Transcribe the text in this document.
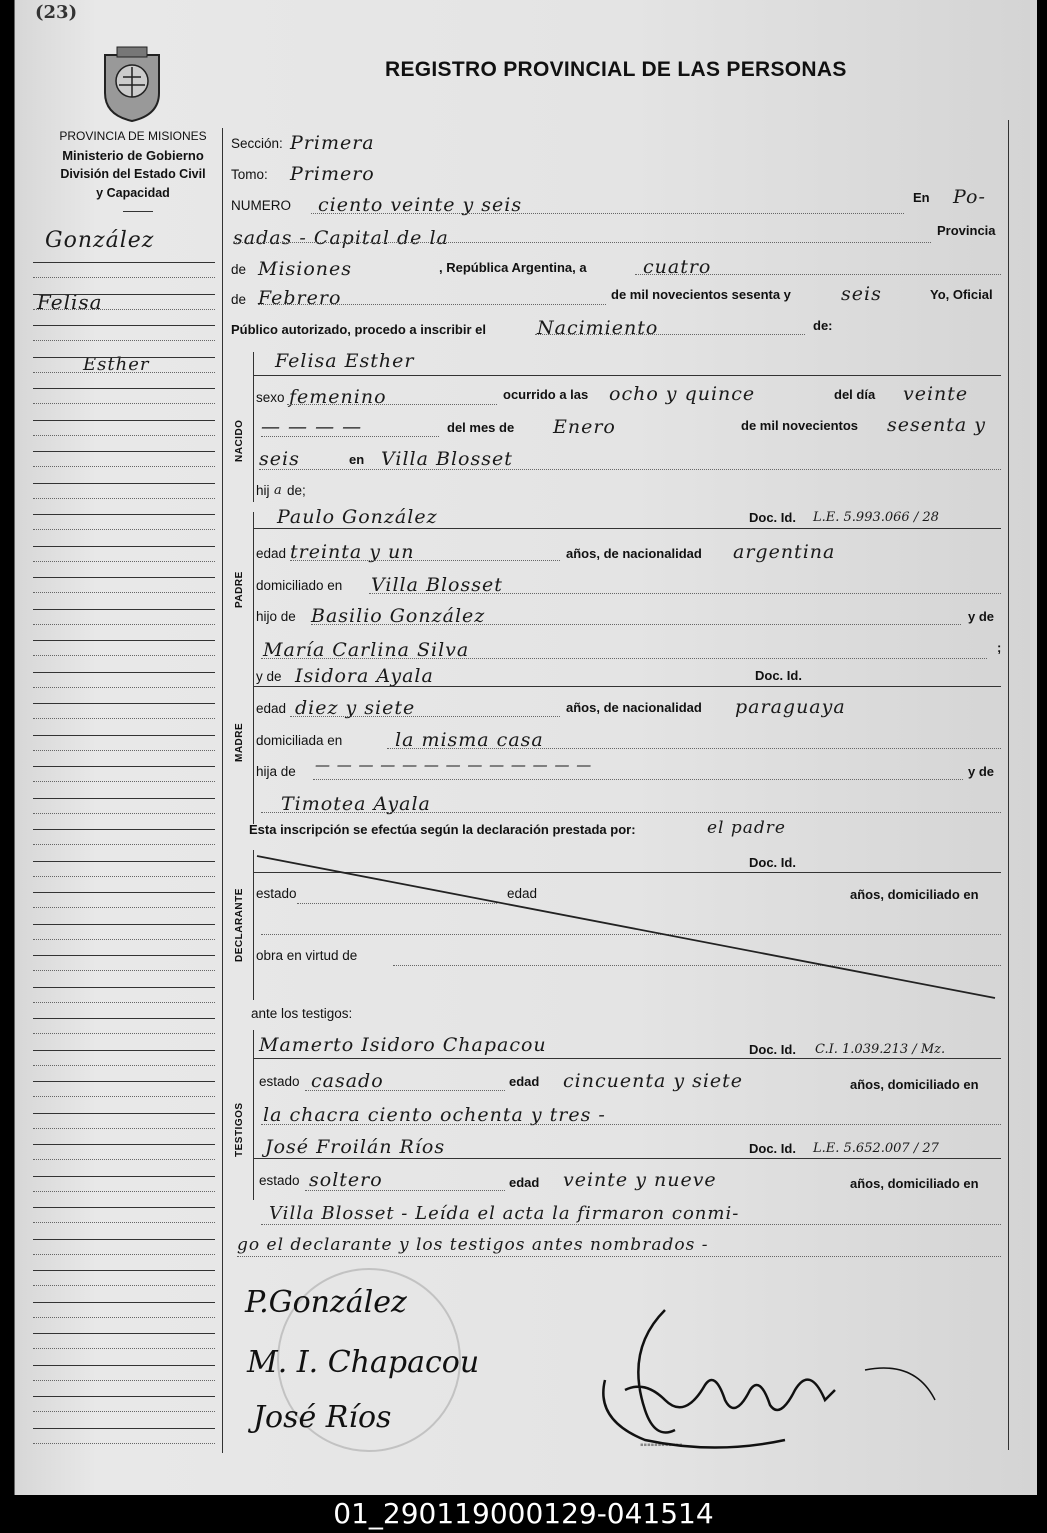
(23)
REGISTRO PROVINCIAL DE LAS PERSONAS
PROVINCIA DE MISIONES
Ministerio de Gobierno
División del Estado Civil
y Capacidad
González
Felisa
Esther
Sección: Primera
Tomo: Primero
NUMERO ciento veinte y seis	En Po-
sadas - Capital de la	Provincia
de Misiones	, República Argentina, a	cuatro
de Febrero	de mil novecientos sesenta y	seis	Yo, Oficial
Público autorizado, procedo a inscribir el	Nacimiento	de:
NACIDO
Felisa Esther
sexo femenino	ocurrido a las ocho y quince	del día veinte
— — — —	del mes de Enero	de mil novecientos sesenta y
seis	en Villa Blosset
hij a de;
PADRE
Paulo González	Doc. Id. L.E. 5.993.066 / 28
edad treinta y un	años, de nacionalidad argentina
domiciliado en Villa Blosset
hijo de Basilio González	y de
María Carlina Silva	;
MADRE
y de Isidora Ayala	Doc. Id.
edad diez y siete	años, de nacionalidad paraguaya
domiciliada en	la misma casa
hija de — — — — — — — — — — — — —	y de
Timotea Ayala
Esta inscripción se efectúa según la declaración prestada por:	el padre
DECLARANTE
Doc. Id.
estado	edad	años, domiciliado en
obra en virtud de
ante los testigos:
TESTIGOS
Mamerto Isidoro Chapacou	Doc. Id. C.I. 1.039.213 / Mz.
estado casado	edad cincuenta y siete	años, domiciliado en
la chacra ciento ochenta y tres -
José Froilán Ríos	Doc. Id. L.E. 5.652.007 / 27
estado soltero	edad veinte y nueve	años, domiciliado en
Villa Blosset - Leída el acta la firmaron conmi-
go el declarante y los testigos antes nombrados -
▪▪▪▪▪▪▪▪▪▪▪▪
P.González
M. I. Chapacou
José Ríos
01_290119000129-041514
